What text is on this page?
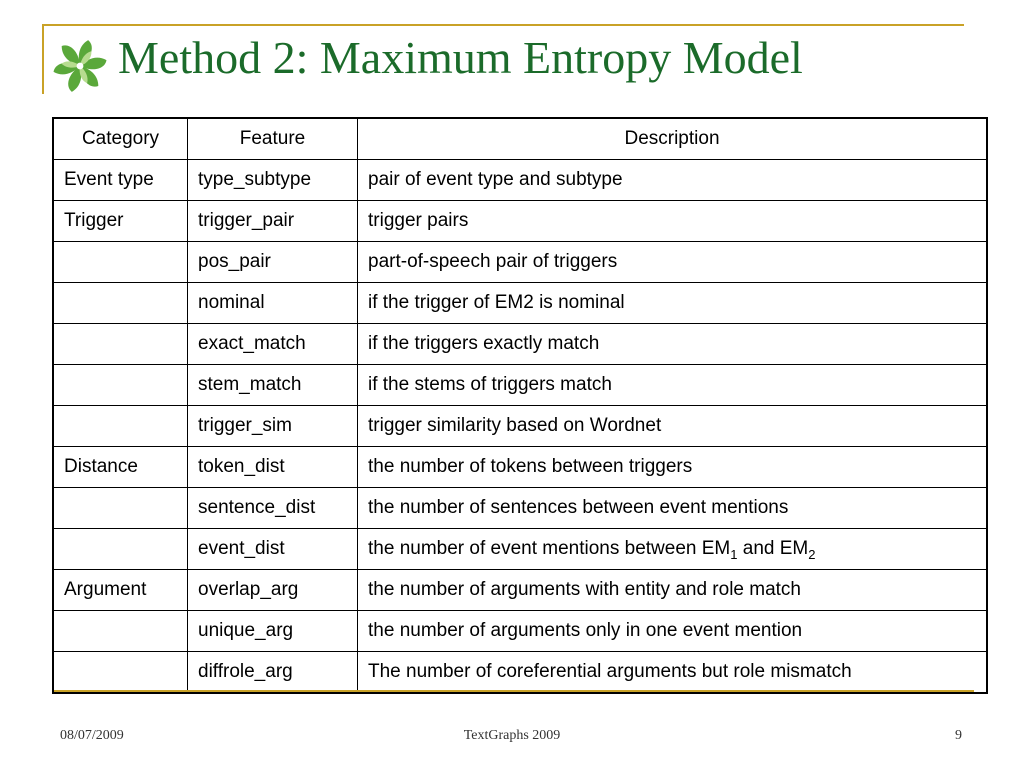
Method 2: Maximum Entropy Model
Category	Feature	Description
Event type	type_subtype	pair of event type and subtype
Trigger	trigger_pair	trigger pairs
	pos_pair	part-of-speech pair of triggers
	nominal	if the trigger of EM2 is nominal
	exact_match	if the triggers exactly match
	stem_match	if the stems of triggers match
	trigger_sim	trigger similarity based on Wordnet
Distance	token_dist	the number of tokens between triggers
	sentence_dist	the number of sentences between event mentions
	event_dist	the number of event mentions between $EM_1$ and $EM_2$
Argument	overlap_arg	the number of arguments with entity and role match
	unique_arg	the number of arguments only in one event mention
	diffrole_arg	The number of coreferential arguments but role mismatch
08/07/2009	TextGraphs 2009	9
